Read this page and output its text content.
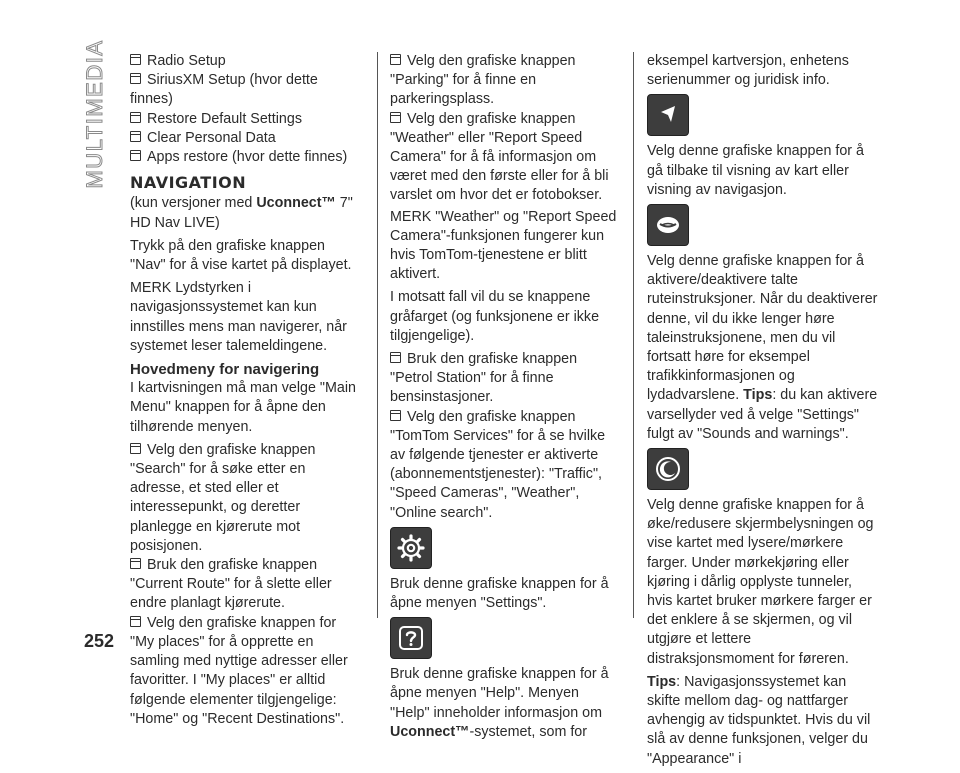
MULTIMEDIA
252
Radio Setup
SiriusXM Setup (hvor dette finnes)
Restore Default Settings
Clear Personal Data
Apps restore (hvor dette finnes)
NAVIGATION

(kun versjoner med Uconnect™ 7" HD Nav LIVE)

Trykk på den grafiske knappen "Nav" for å vise kartet på displayet.

MERK Lydstyrken i navigasjonssystemet kan kun innstilles mens man navigerer, når systemet leser talemeldingene.

Hovedmeny for navigering

I kartvisningen må man velge "Main Menu" knappen for å åpne den tilhørende menyen.

Velg den grafiske knappen "Search" for å søke etter en adresse, et sted eller et interessepunkt, og deretter planlegge en kjørerute mot posisjonen.
Bruk den grafiske knappen "Current Route" for å slette eller endre planlagt kjørerute.
Velg den grafiske knappen for "My places" for å opprette en samling med nyttige adresser eller favoritter. I "My places" er alltid følgende elementer tilgjengelige: "Home" og "Recent Destinations".
Velg den grafiske knappen "Parking" for å finne en parkeringsplass.
Velg den grafiske knappen "Weather" eller "Report Speed Camera" for å få informasjon om været med den første eller for å bli varslet om hvor det er fotobokser.

MERK "Weather" og "Report Speed Camera"-funksjonen fungerer kun hvis TomTom-tjenestene er blitt aktivert.

I motsatt fall vil du se knappene gråfarget (og funksjonene er ikke tilgjengelige).

Bruk den grafiske knappen "Petrol Station" for å finne bensinstasjoner.
Velg den grafiske knappen "TomTom Services" for å se hvilke av følgende tjenester er aktiverte (abonnementstjenester): "Traffic", "Speed Cameras", "Weather", "Online search".

Bruk denne grafiske knappen for å åpne menyen "Settings".

Bruk denne grafiske knappen for å åpne menyen "Help". Menyen "Help" inneholder informasjon om Uconnect™-systemet, som for

eksempel kartversjon, enhetens serienummer og juridisk info.

Velg denne grafiske knappen for å gå tilbake til visning av kart eller visning av navigasjon.

Velg denne grafiske knappen for å aktivere/deaktivere talte ruteinstruksjoner. Når du deaktiverer denne, vil du ikke lenger høre taleinstruksjonene, men du vil fortsatt høre for eksempel trafikkinformasjonen og lydadvarslene. Tips: du kan aktivere varsellyder ved å velge "Settings" fulgt av "Sounds and warnings".

Velg denne grafiske knappen for å øke/redusere skjermbelysningen og vise kartet med lysere/mørkere farger. Under mørkekjøring eller kjøring i dårlig opplyste tunneler, hvis kartet bruker mørkere farger er det enklere å se skjermen, og vil utgjøre et lettere distraksjonsmoment for føreren.

Tips: Navigasjonssystemet kan skifte mellom dag- og nattfarger avhengig av tidspunktet. Hvis du vil slå av denne funksjonen, velger du "Appearance" i
